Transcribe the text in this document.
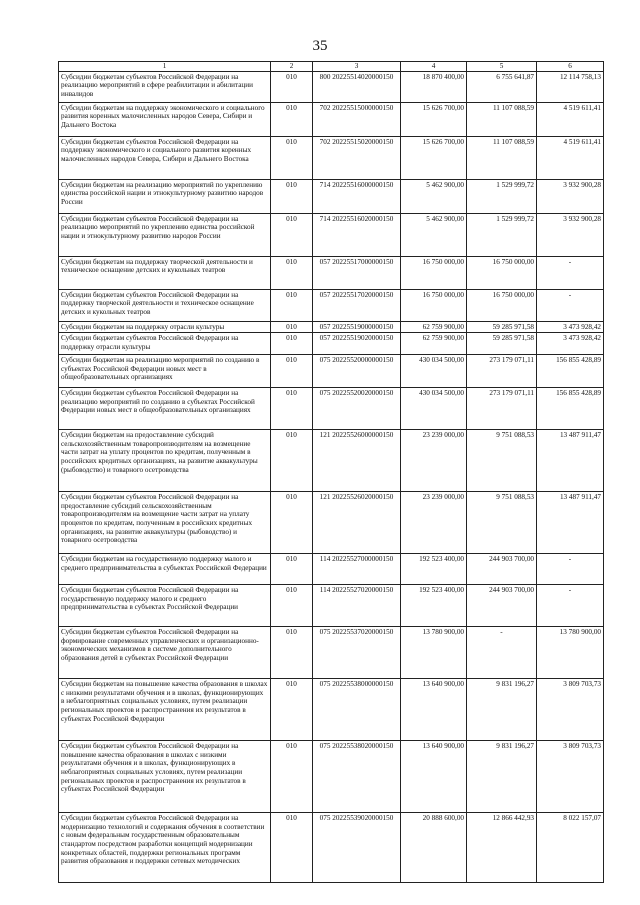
35
1	2	3	4	5	6
Субсидии бюджетам субъектов Российской Федерации на реализацию мероприятий в сфере реабилитации и абилитации инвалидов	010	800 20225514020000150	18 870 400,00	6 755 641,87	12 114 758,13
Субсидии бюджетам на поддержку экономического и социального развития коренных малочисленных народов Севера, Сибири и Дальнего Востока	010	702 20225515000000150	15 626 700,00	11 107 088,59	4 519 611,41
Субсидии бюджетам субъектов Российской Федерации на поддержку экономического и социального развития коренных малочисленных народов Севера, Сибири и Дальнего Востока	010	702 20225515020000150	15 626 700,00	11 107 088,59	4 519 611,41
Субсидии бюджетам на реализацию мероприятий по укреплению единства российской нации и этнокультурному развитию народов России	010	714 20225516000000150	5 462 900,00	1 529 999,72	3 932 900,28
Субсидии бюджетам субъектов Российской Федерации на реализацию мероприятий по укреплению единства российской нации и этнокультурному развитию народов России	010	714 20225516020000150	5 462 900,00	1 529 999,72	3 932 900,28
Субсидии бюджетам на поддержку творческой деятельности и техническое оснащение детских и кукольных театров	010	057 20225517000000150	16 750 000,00	16 750 000,00	-
Субсидии бюджетам субъектов Российской Федерации на поддержку творческой деятельности и техническое оснащение детских и кукольных театров	010	057 20225517020000150	16 750 000,00	16 750 000,00	-
Субсидии бюджетам на поддержку отрасли культуры	010	057 20225519000000150	62 759 900,00	59 285 971,58	3 473 928,42
Субсидии бюджетам субъектов Российской Федерации на поддержку отрасли культуры	010	057 20225519020000150	62 759 900,00	59 285 971,58	3 473 928,42
Субсидии бюджетам на реализацию мероприятий по созданию в субъектах Российской Федерации новых мест в общеобразовательных организациях	010	075 20225520000000150	430 034 500,00	273 179 071,11	156 855 428,89
Субсидии бюджетам субъектов Российской Федерации на реализацию мероприятий по созданию в субъектах Российской Федерации новых мест в общеобразовательных организациях	010	075 20225520020000150	430 034 500,00	273 179 071,11	156 855 428,89
Субсидии бюджетам на предоставление субсидий сельскохозяйственным товаропроизводителям на возмещение части затрат на уплату процентов по кредитам, полученным в российских кредитных организациях, на развитие аквакультуры (рыбоводство) и товарного осетроводства	010	121 20225526000000150	23 239 000,00	9 751 088,53	13 487 911,47
Субсидии бюджетам субъектов Российской Федерации на предоставление субсидий сельскохозяйственным товаропроизводителям на возмещение части затрат на уплату процентов по кредитам, полученным в российских кредитных организациях, на развитие аквакультуры (рыбоводство) и товарного осетроводства	010	121 20225526020000150	23 239 000,00	9 751 088,53	13 487 911,47
Субсидии бюджетам на государственную поддержку малого и среднего предпринимательства в субъектах Российской Федерации	010	114 20225527000000150	192 523 400,00	244 903 700,00	-
Субсидии бюджетам субъектов Российской Федерации на государственную поддержку малого и среднего предпринимательства в субъектах Российской Федерации	010	114 20225527020000150	192 523 400,00	244 903 700,00	-
Субсидии бюджетам субъектов Российской Федерации на формирование современных управленческих и организационно-экономических механизмов в системе дополнительного образования детей в субъектах Российской Федерации	010	075 20225537020000150	13 780 900,00	-	13 780 900,00
Субсидии бюджетам на повышение качества образования в школах с низкими результатами обучения и в школах, функционирующих в неблагоприятных социальных условиях, путем реализации региональных проектов и распространения их результатов в субъектах Российской Федерации	010	075 20225538000000150	13 640 900,00	9 831 196,27	3 809 703,73
Субсидии бюджетам субъектов Российской Федерации на повышение качества образования в школах с низкими результатами обучения и в школах, функционирующих в неблагоприятных социальных условиях, путем реализации региональных проектов и распространения их результатов в субъектах Российской Федерации	010	075 20225538020000150	13 640 900,00	9 831 196,27	3 809 703,73
Субсидии бюджетам субъектов Российской Федерации на модернизацию технологий и содержания обучения в соответствии с новым федеральным государственным образовательным стандартом посредством разработки концепций модернизации конкретных областей, поддержки региональных программ развития образования и поддержки сетевых методических	010	075 20225539020000150	20 888 600,00	12 866 442,93	8 022 157,07
